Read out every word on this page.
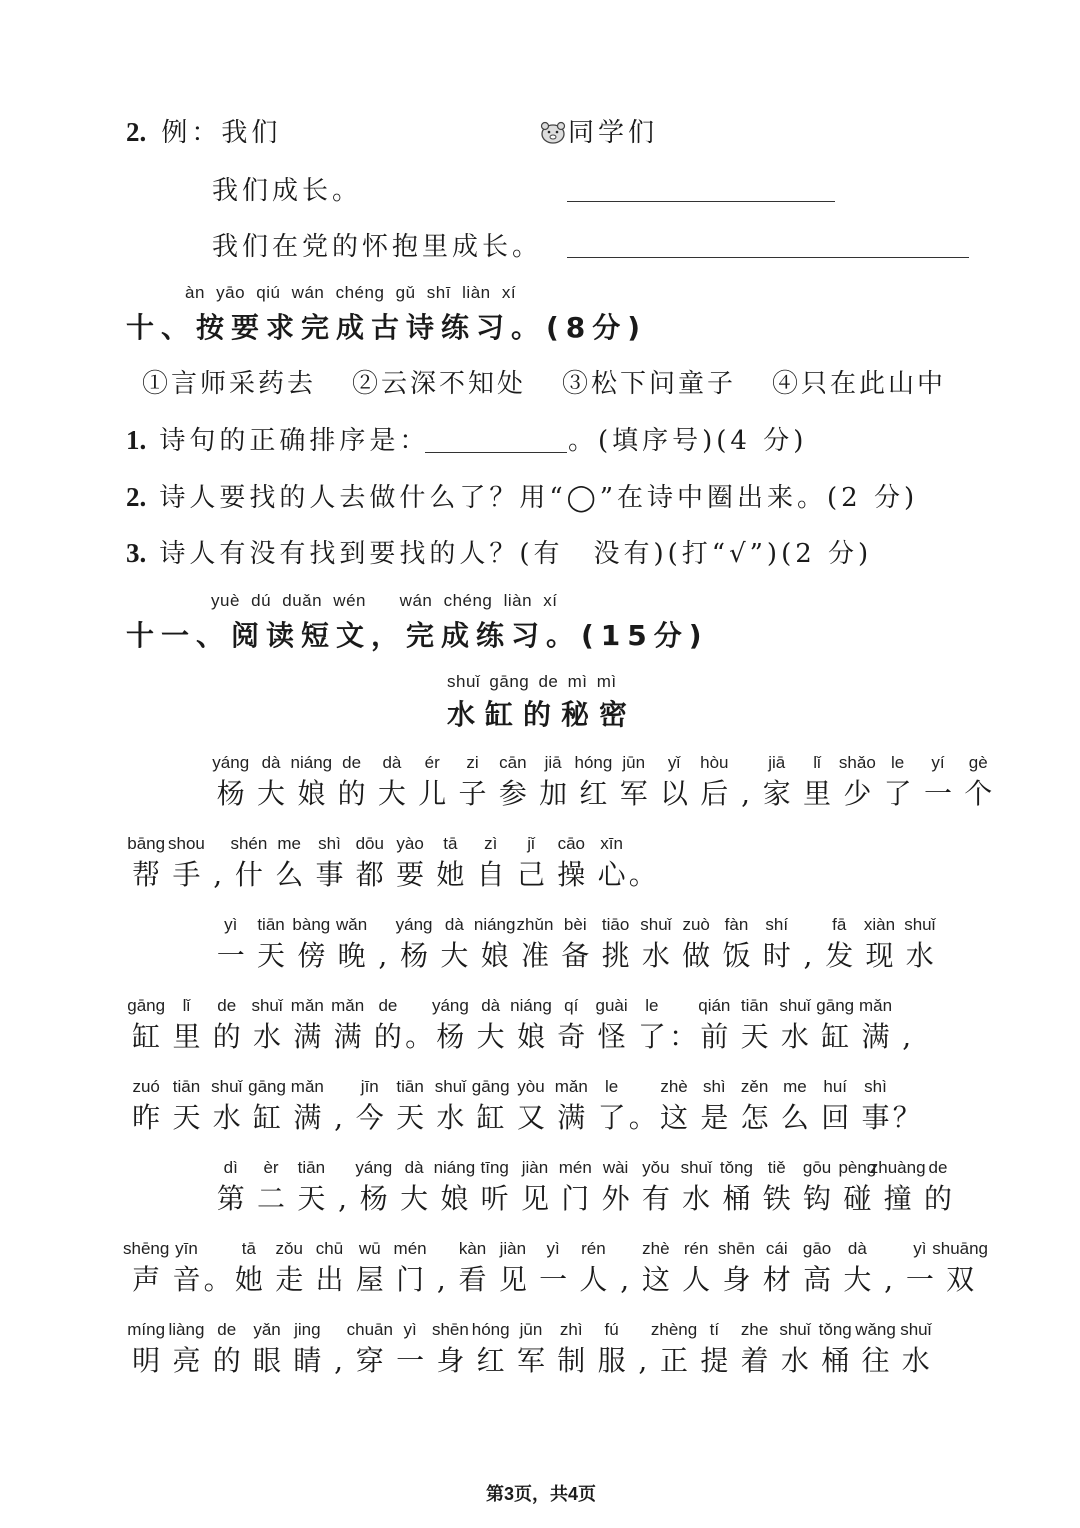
2. 例：我们	同学们
我们成长。
我们在党的怀抱里成长。
àn yāo qiú wán chéng gǔ shī liàn xí
十、按要求完成古诗练习。(8分)
①言师采药去 ②云深不知处 ③松下问童子 ④只在此山中
1. 诗句的正确排序是：	。(填序号)(4 分)
2. 诗人要找的人去做什么了？用“◯”在诗中圈出来。(2 分)
3. 诗人有没有找到要找的人？(有　没有)(打“√”)(2 分)
yuè dú duǎn wén   wán chéng liàn xí
十一、阅读短文，完成练习。(15分)
shuǐ gāng de mì mì
水缸的秘密
yáng
杨
dà
大
niáng
娘
de
的
dà
大
ér
儿
zi
子
cān
参
jiā
加
hóng
红
jūn
军
yǐ
以
hòu
后 ,
jiā
家
lǐ
里
shǎo
少
le
了
yí
一
gè
个
bāng
帮
shou
手 ,
shén
什
me
么
shì
事
dōu
都
yào
要
tā
她
zì
自
jǐ
己
cāo
操
xīn
心 。
yì
一
tiān
天
bàng
傍
wǎn
晚 ,
yáng
杨
dà
大
niáng
娘
zhǔn
准
bèi
备
tiāo
挑
shuǐ
水
zuò
做
fàn
饭
shí
时 ,
fā
发
xiàn
现
shuǐ
水
gāng
缸
lǐ
里
de
的
shuǐ
水
mǎn
满
mǎn
满
de
的 。
yáng
杨
dà
大
niáng
娘
qí
奇
guài
怪
le
了 ：
qián
前
tiān
天
shuǐ
水
gāng
缸
mǎn
满 ,
zuó
昨
tiān
天
shuǐ
水
gāng
缸
mǎn
满 ,
jīn
今
tiān
天
shuǐ
水
gāng
缸
yòu
又
mǎn
满
le
了 。
zhè
这
shì
是
zěn
怎
me
么
huí
回
shì
事 ？
dì
第
èr
二
tiān
天 ,
yáng
杨
dà
大
niáng
娘
tīng
听
jiàn
见
mén
门
wài
外
yǒu
有
shuǐ
水
tǒng
桶
tiě
铁
gōu
钩
pèng
碰
zhuàng
撞
de
的
shēng
声
yīn
音 。
tā
她
zǒu
走
chū
出
wū
屋
mén
门 ,
kàn
看
jiàn
见
yì
一
rén
人 ,
zhè
这
rén
人
shēn
身
cái
材
gāo
高
dà
大 ,
yì
一
shuāng
双
míng
明
liàng
亮
de
的
yǎn
眼
jing
睛 ,
chuān
穿
yì
一
shēn
身
hóng
红
jūn
军
zhì
制
fú
服 ,
zhèng
正
tí
提
zhe
着
shuǐ
水
tǒng
桶
wǎng
往
shuǐ
水
第3页，共4页
